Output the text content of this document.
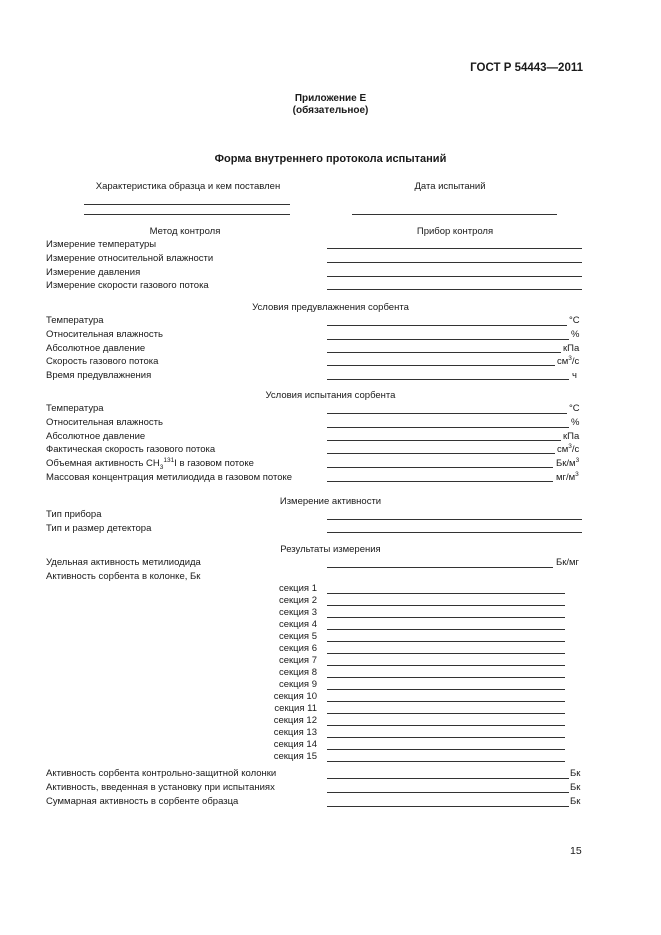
ГОСТ Р 54443—2011
Приложение Е
(обязательное)
Форма внутреннего протокола испытаний
Характеристика образца и кем поставлен	Дата испытаний
Метод контроля	Прибор контроля
Измерение температуры
Измерение относительной влажности
Измерение давления
Измерение скорости газового потока
Условия предувлажнения сорбента
Температура	°С
Относительная влажность	%
Абсолютное давление	кПа
Скорость газового потока	$см^3/с$
Время предувлажнения	ч
Условия испытания сорбента
Температура	°С
Относительная влажность	%
Абсолютное давление	кПа
Фактическая скорость газового потока	$см^3/с$
Объемная активность $CH_3^{131}I$ в газовом потоке	$Бк/м^3$
Массовая концентрация метилиодида в газовом потоке	$мг/м^3$
Измерение активности
Тип прибора
Тип и размер детектора
Результаты измерения
Удельная активность метилиодида	Бк/мг
Активность сорбента в колонке, Бк
секция 1
секция 2
секция 3
секция 4
секция 5
секция 6
секция 7
секция 8
секция 9
секция 10
секция 11
секция 12
секция 13
секция 14
секция 15
Активность сорбента контрольно-защитной колонки	Бк
Активность, введенная в установку при испытаниях	Бк
Суммарная активность в сорбенте образца	Бк
15
